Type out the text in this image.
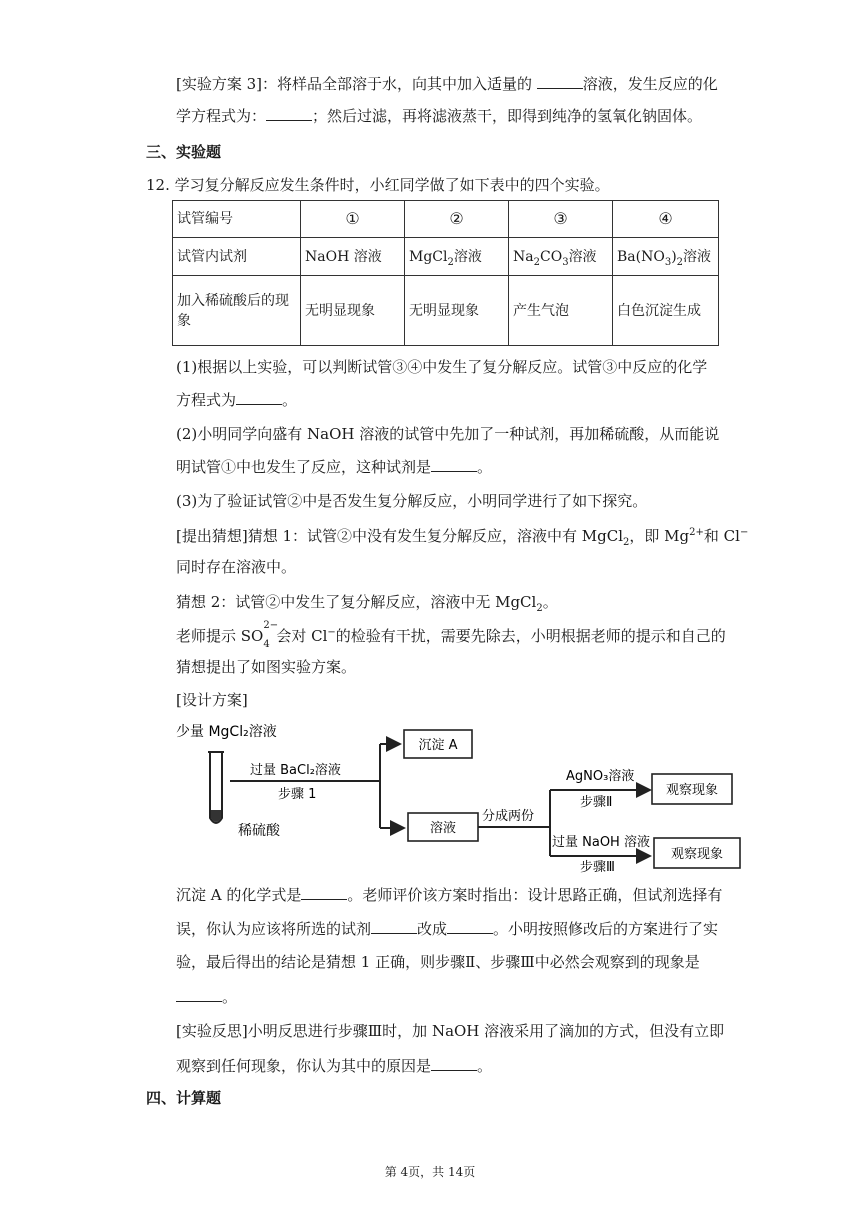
[实验方案 3]：将样品全部溶于水，向其中加入适量的	溶液，发生反应的化
学方程式为：	；然后过滤，再将滤液蒸干，即得到纯净的氢氧化钠固体。
三、实验题
12. 学习复分解反应发生条件时，小红同学做了如下表中的四个实验。
试管编号	①	②	③	④
试管内试剂	NaOH 溶液	MgCl$_2$溶液	$Na_2CO_3$溶液	$Ba(NO_3)_2$溶液
加入稀硫酸后的现象	无明显现象	无明显现象	产生气泡	白色沉淀生成
(1)根据以上实验，可以判断试管③④中发生了复分解反应。试管③中反应的化学
方程式为	。
(2)小明同学向盛有 NaOH 溶液的试管中先加了一种试剂，再加稀硫酸，从而能说
明试管①中也发生了反应，这种试剂是	。
(3)为了验证试管②中是否发生复分解反应，小明同学进行了如下探究。
[提出猜想]猜想 1：试管②中没有发生复分解反应，溶液中有 MgCl$_2$，即 $Mg^{2+}$和 Cl−
同时存在溶液中。
猜想 2：试管②中发生了复分解反应，溶液中无 MgCl$_2$。
老师提示 SO
2−
4 会对 Cl−的检验有干扰，需要先除去，小明根据老师的提示和自己的
猜想提出了如图实验方案。
[设计方案]
少量 MgCl₂溶液
稀硫酸
过量 BaCl₂溶液
步骤 1
沉淀 A
溶液
分成两份
AgNO₃溶液
步骤Ⅱ
过量 NaOH 溶液
步骤Ⅲ
观察现象
观察现象
沉淀 A 的化学式是	。老师评价该方案时指出：设计思路正确，但试剂选择有
误，你认为应该将所选的试剂	改成	。小明按照修改后的方案进行了实
验，最后得出的结论是猜想 1 正确，则步骤Ⅱ、步骤Ⅲ中必然会观察到的现象是
。
[实验反思]小明反思进行步骤Ⅲ时，加 NaOH 溶液采用了滴加的方式，但没有立即
观察到任何现象，你认为其中的原因是	。
四、计算题
第 4页，共 14页
